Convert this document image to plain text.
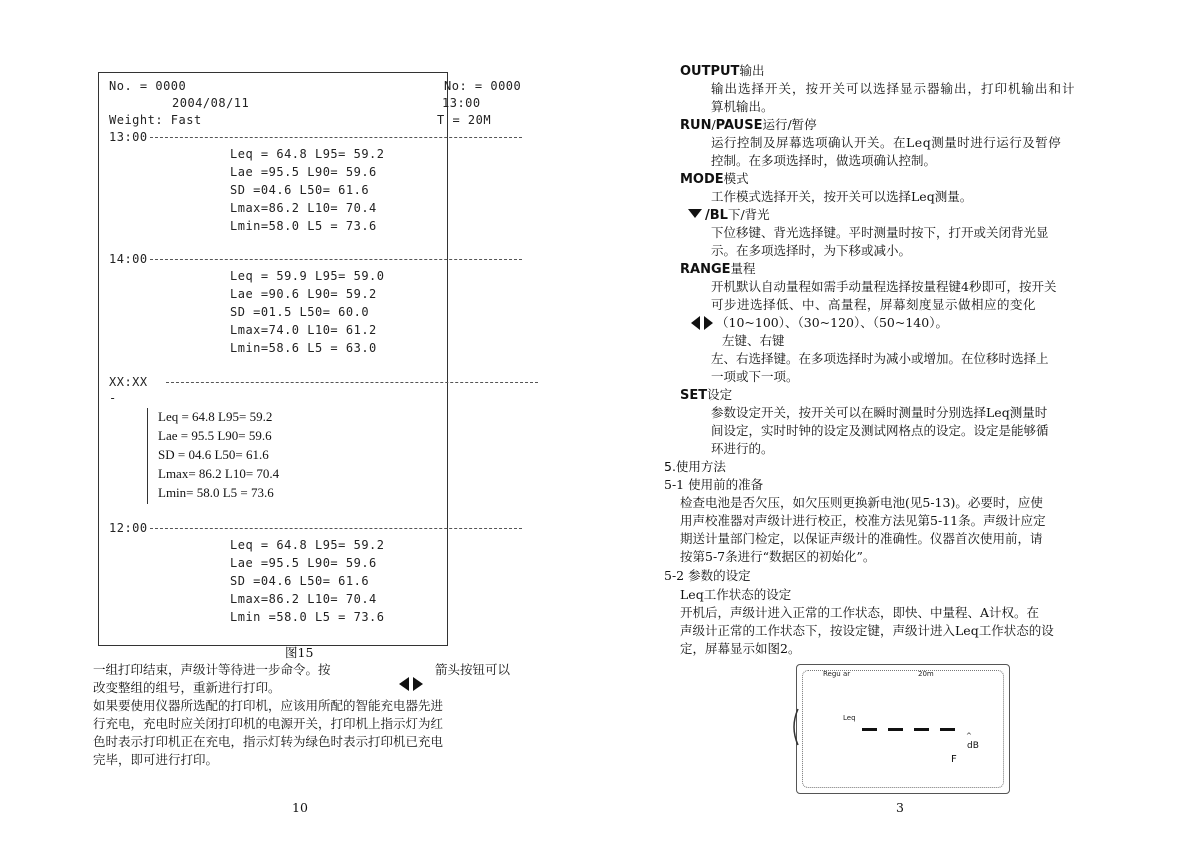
No. = 0000	No: = 0000
2004/08/11	13:00
Weight: Fast	T = 20M
13:00
Leq = 64.8 L95= 59.2
Lae =95.5 L90= 59.6
SD =04.6 L50= 61.6
Lmax=86.2 L10= 70.4
Lmin=58.0 L5 = 73.6
14:00
Leq = 59.9 L95= 59.0
Lae =90.6 L90= 59.2
SD =01.5 L50= 60.0
Lmax=74.0 L10= 61.2
Lmin=58.6 L5 = 63.0
XX:XX
-
Leq = 64.8 L95= 59.2
Lae = 95.5 L90= 59.6
SD = 04.6 L50= 61.6
Lmax= 86.2 L10= 70.4
Lmin= 58.0 L5 = 73.6
12:00
Leq = 64.8 L95= 59.2
Lae =95.5 L90= 59.6
SD =04.6 L50= 61.6
Lmax=86.2 L10= 70.4
Lmin =58.0 L5 = 73.6
图15
一组打印结束，声级计等待进一步命令。按	箭头按钮可以
改变整组的组号，重新进行打印。
如果要使用仪器所选配的打印机，应该用所配的智能充电器先进
行充电，充电时应关闭打印机的电源开关，打印机上指示灯为红
色时表示打印机正在充电，指示灯转为绿色时表示打印机已充电
完毕，即可进行打印。
10
OUTPUT输出
输出选择开关，按开关可以选择显示器输出，打印机输出和计
算机输出。
RUN/PAUSE运行/暂停
运行控制及屏幕选项确认开关。在Leq测量时进行运行及暂停
控制。在多项选择时，做选项确认控制。
MODE模式
工作模式选择开关，按开关可以选择Leq测量。
/BL下/背光
下位移键、背光选择键。平时测量时按下，打开或关闭背光显
示。在多项选择时，为下移或减小。
RANGE量程
开机默认自动量程如需手动量程选择按量程键4秒即可，按开关
可步进选择低、中、高量程，屏幕刻度显示做相应的变化
（10~100）、（30~120）、（50~140）。
左键、右键
左、右选择键。在多项选择时为减小或增加。在位移时选择上
一项或下一项。
SET设定
参数设定开关，按开关可以在瞬时测量时分别选择Leq测量时
间设定，实时时钟的设定及测试网格点的设定。设定是能够循
环进行的。
5.使用方法
5-1 使用前的准备
检查电池是否欠压，如欠压则更换新电池(见5-13)。必要时，应使
用声校准器对声级计进行校正，校准方法见第5-11条。声级计应定
期送计量部门检定，以保证声级计的准确性。仪器首次使用前，请
按第5-7条进行“数据区的初始化”。
5-2 参数的设定
Leq工作状态的设定
开机后，声级计进入正常的工作状态，即快、中量程、A计权。在
声级计正常的工作状态下，按设定键，声级计进入Leq工作状态的设
定，屏幕显示如图2。
Regu ar	20m
Leq
^
dB
F
3
